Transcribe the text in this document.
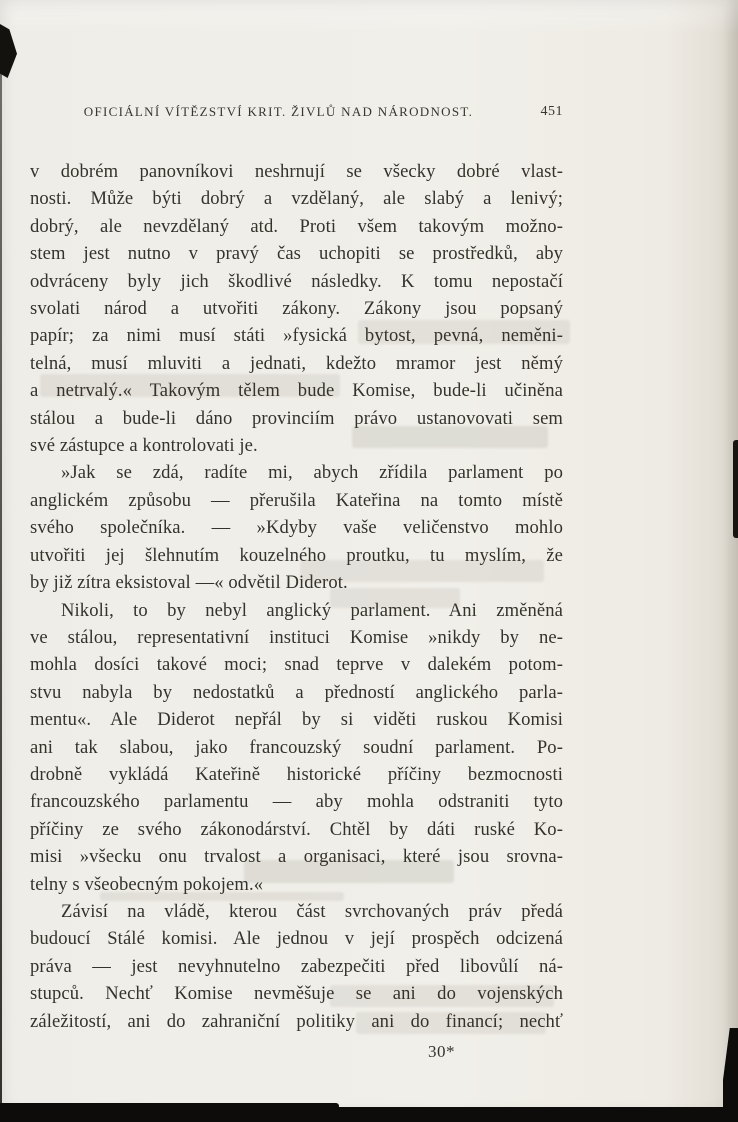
OFICIÁLNÍ VÍTĚZSTVÍ KRIT. ŽIVLŮ NAD NÁRODNOST.	451
v dobrém panovníkovi neshrnují se všecky dobré vlast-
nosti. Může býti dobrý a vzdělaný, ale slabý a lenivý;
dobrý, ale nevzdělaný atd. Proti všem takovým možno-
stem jest nutno v pravý čas uchopiti se prostředků, aby
odvráceny byly jich škodlivé následky. K tomu nepostačí
svolati národ a utvořiti zákony. Zákony jsou popsaný
papír; za nimi musí státi »fysická bytost, pevná, neměni-
telná, musí mluviti a jednati, kdežto mramor jest němý
a netrvalý.« Takovým tělem bude Komise, bude-li učiněna
stálou a bude-li dáno provinciím právo ustanovovati sem
své zástupce a kontrolovati je.
»Jak se zdá, radíte mi, abych zřídila parlament po
anglickém způsobu — přerušila Kateřina na tomto místě
svého společníka. — »Kdyby vaše veličenstvo mohlo
utvořiti jej šlehnutím kouzelného proutku, tu myslím, že
by již zítra eksistoval —« odvětil Diderot.
Nikoli, to by nebyl anglický parlament. Ani změněná
ve stálou, representativní instituci Komise »nikdy by ne-
mohla dosíci takové moci; snad teprve v dalekém potom-
stvu nabyla by nedostatků a předností anglického parla-
mentu«. Ale Diderot nepřál by si viděti ruskou Komisi
ani tak slabou, jako francouzský soudní parlament. Po-
drobně vykládá Kateřině historické příčiny bezmocnosti
francouzského parlamentu — aby mohla odstraniti tyto
příčiny ze svého zákonodárství. Chtěl by dáti ruské Ko-
misi »všecku onu trvalost a organisaci, které jsou srovna-
telny s všeobecným pokojem.«
Závisí na vládě, kterou část svrchovaných práv předá
budoucí Stálé komisi. Ale jednou v její prospěch odcizená
práva — jest nevyhnutelno zabezpečiti před libovůlí ná-
stupců. Nechť Komise nevměšuje se ani do vojenských
záležitostí, ani do zahraniční politiky ani do financí; nechť
30*
